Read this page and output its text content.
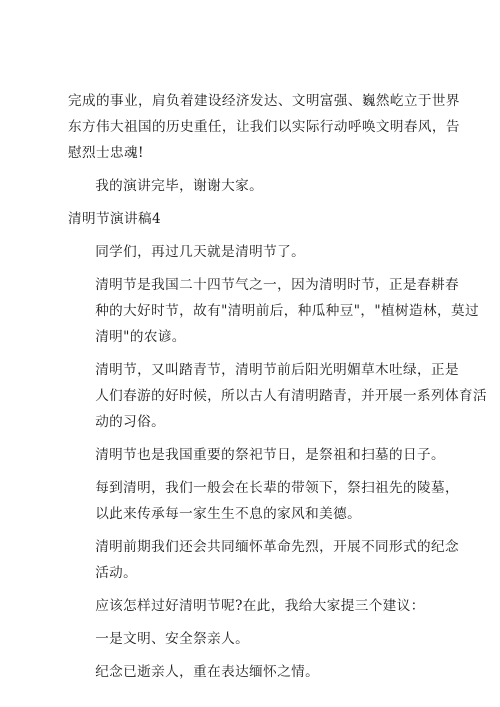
完成的事业，肩负着建设经济发达、文明富强、巍然屹立于世界
东方伟大祖国的历史重任，让我们以实际行动呼唤文明春风，告
慰烈士忠魂!

我的演讲完毕，谢谢大家。

清明节演讲稿4

同学们，再过几天就是清明节了。

清明节是我国二十四节气之一，因为清明时节，正是春耕春
种的大好时节，故有"清明前后，种瓜种豆"，"植树造林，莫过
清明"的农谚。

清明节，又叫踏青节，清明节前后阳光明媚草木吐绿，正是
人们春游的好时候，所以古人有清明踏青，并开展一系列体育活
动的习俗。

清明节也是我国重要的祭祀节日，是祭祖和扫墓的日子。

每到清明，我们一般会在长辈的带领下，祭扫祖先的陵墓，
以此来传承每一家生生不息的家风和美德。

清明前期我们还会共同缅怀革命先烈，开展不同形式的纪念
活动。

应该怎样过好清明节呢?在此，我给大家提三个建议：

一是文明、安全祭亲人。

纪念已逝亲人，重在表达缅怀之情。
